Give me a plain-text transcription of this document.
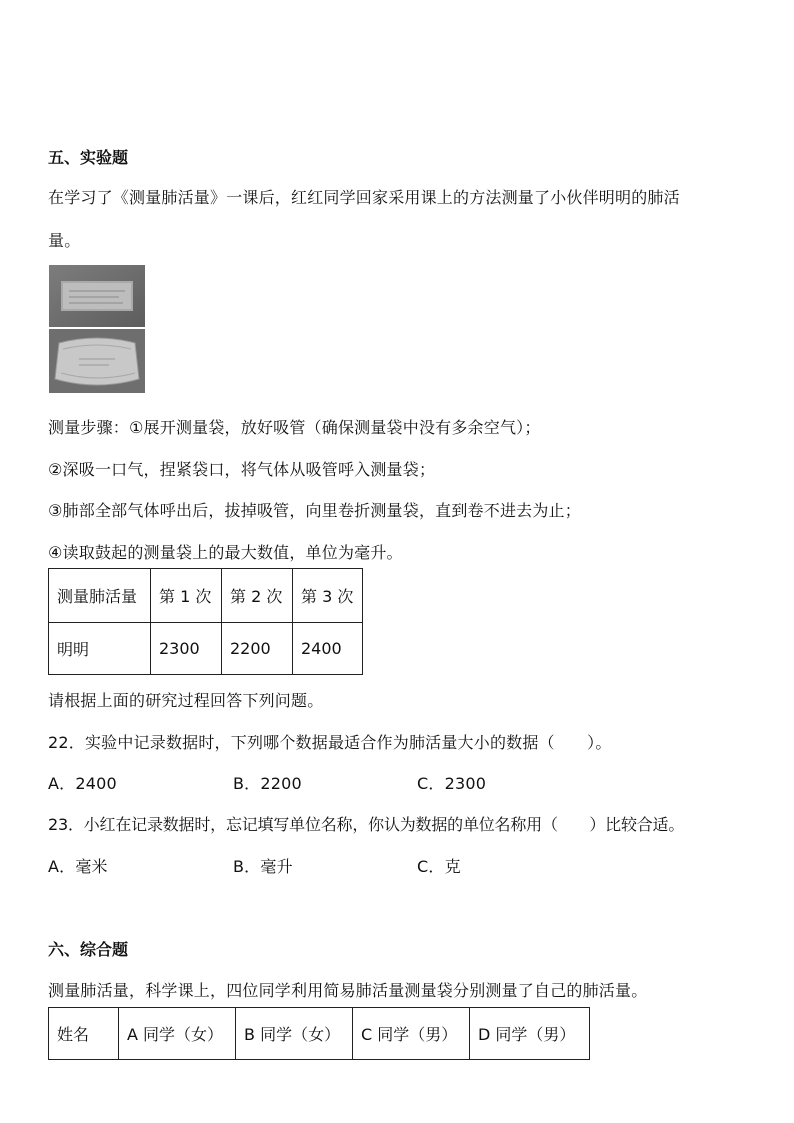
五、实验题
在学习了《测量肺活量》一课后，红红同学回家采用课上的方法测量了小伙伴明明的肺活
量。
测量步骤：①展开测量袋，放好吸管（确保测量袋中没有多余空气）；
②深吸一口气，捏紧袋口，将气体从吸管呼入测量袋；
③肺部全部气体呼出后，拔掉吸管，向里卷折测量袋，直到卷不进去为止；
④读取鼓起的测量袋上的最大数值，单位为毫升。
测量肺活量	第 1 次	第 2 次	第 3 次
明明	2300	2200	2400
请根据上面的研究过程回答下列问题。
22．实验中记录数据时，下列哪个数据最适合作为肺活量大小的数据（　　）。
A．2400	B．2200	C．2300
23．小红在记录数据时，忘记填写单位名称，你认为数据的单位名称用（　　）比较合适。
A．毫米	B．毫升	C．克
六、综合题
测量肺活量，科学课上，四位同学利用简易肺活量测量袋分别测量了自己的肺活量。
姓名	A 同学（女）	B 同学（女）	C 同学（男）	D 同学（男）
